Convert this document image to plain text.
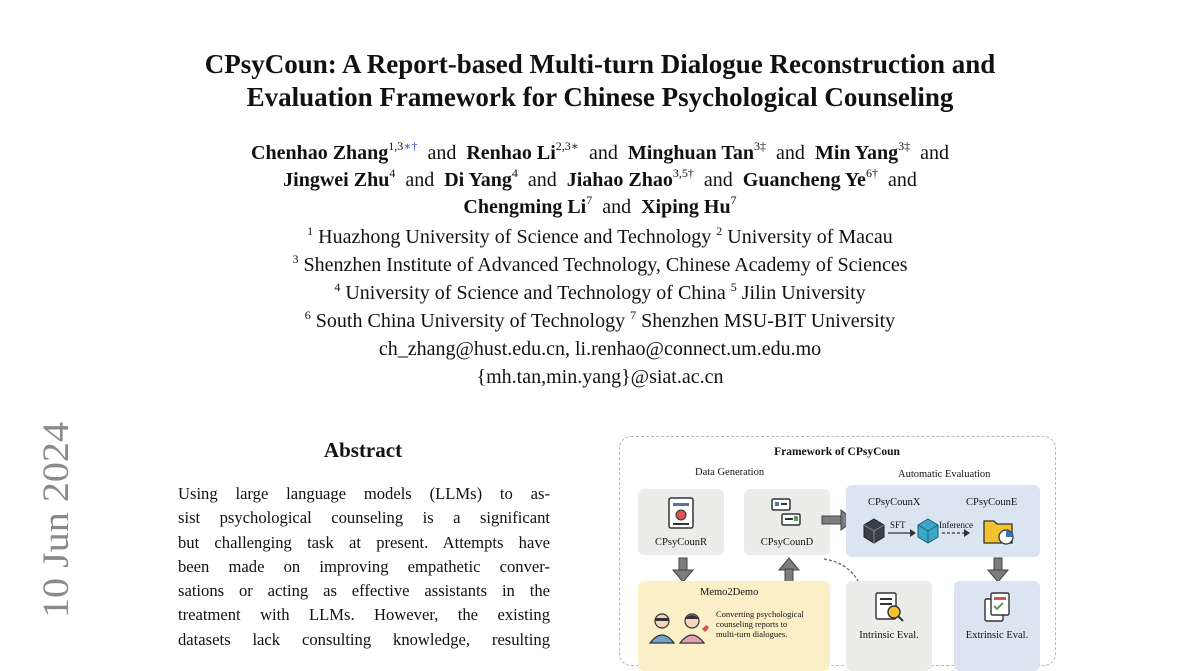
CPsyCoun: A Report-based Multi-turn Dialogue Reconstruction and
Evaluation Framework for Chinese Psychological Counseling
Chenhao Zhang$^{1,3∗\dagger}$ and Renhao $Li^{2,3∗}$ and Minghuan Tan$^{3\ddagger}$ and Min Yang$^{3\ddagger}$ and
Jingwei Zhu$^4$ and Di Yang$^4$ and Jiahao Zhao$^{3,5\dagger}$ and Guancheng $Ye^{6\dagger}$ and
Chengming Li$^7$ and Xiping Hu$^7$
$^1$ Huazhong University of Science and Technology $^2$ University of Macau
$^3$ Shenzhen Institute of Advanced Technology, Chinese Academy of Sciences
$^4$ University of Science and Technology of China $^5$ Jilin University
$^6$ South China University of Technology $^7$ Shenzhen MSU-BIT University
ch_zhang@hust.edu.cn, li.renhao@connect.um.edu.mo
{mh.tan,min.yang}@siat.ac.cn
10 Jun 2024	Abstract
Using large language models (LLMs) to as-
sist psychological counseling is a significant
but challenging task at present. Attempts have
been made on improving empathetic conver-
sations or acting as effective assistants in the
treatment with LLMs. However, the existing
datasets lack consulting knowledge, resulting
Framework of CPsyCoun
Data Generation	Automatic Evaluation
CPsyCounR	CPsyCounD
CPsyCounX	CPsyCounE
SFT	Inference
Memo2Demo
Converting psychological
counseling reports to
multi-turn dialogues.	Intrinsic Eval.	Extrinsic Eval.
